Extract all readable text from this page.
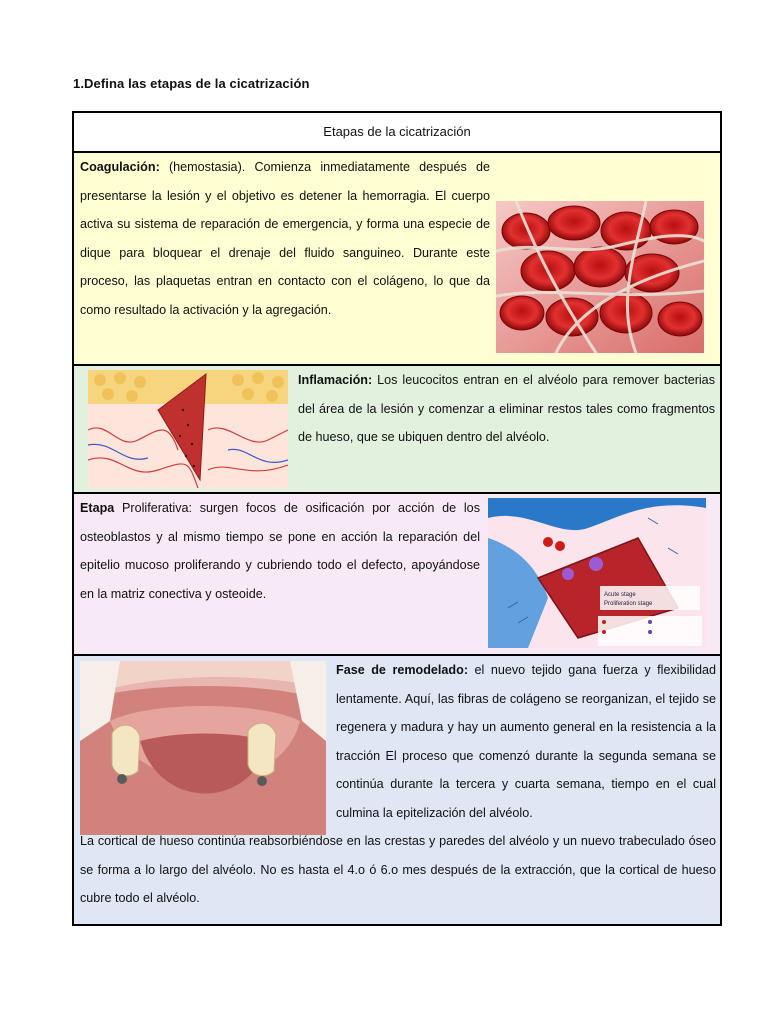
1.Defina las etapas de la cicatrización
Etapas de la cicatrización

Coagulación: (hemostasia). Comienza inmediatamente después de presentarse la lesión y el objetivo es detener la hemorragia. El cuerpo activa su sistema de reparación de emergencia, y forma una especie de dique para bloquear el drenaje del fluido sanguineo. Durante este proceso, las plaquetas entran en contacto con el colágeno, lo que da como resultado la activación y la agregación.

Inflamación: Los leucocitos entran en el alvéolo para remover bacterias del área de la lesión y comenzar a eliminar restos tales como fragmentos de hueso, que se ubiquen dentro del alvéolo.

Etapa Proliferativa: surgen focos de osificación por acción de los osteoblastos y al mismo tiempo se pone en acción la reparación del epitelio mucoso proliferando y cubriendo todo el defecto, apoyándose en la matriz conectiva y osteoide.	Acute stage
Proliferation stage

Fase de remodelado: el nuevo tejido gana fuerza y flexibilidad lentamente. Aquí, las fibras de colágeno se reorganizan, el tejido se regenera y madura y hay un aumento general en la resistencia a la tracción El proceso que comenzó durante la segunda semana se continúa durante la tercera y cuarta semana, tiempo en el cual culmina la epitelización del alvéolo.

La cortical de hueso continúa reabsorbiéndose en las crestas y paredes del alvéolo y un nuevo trabeculado óseo se forma a lo largo del alvéolo. No es hasta el 4.o ó 6.o mes después de la extracción, que la cortical de hueso cubre todo el alvéolo.
